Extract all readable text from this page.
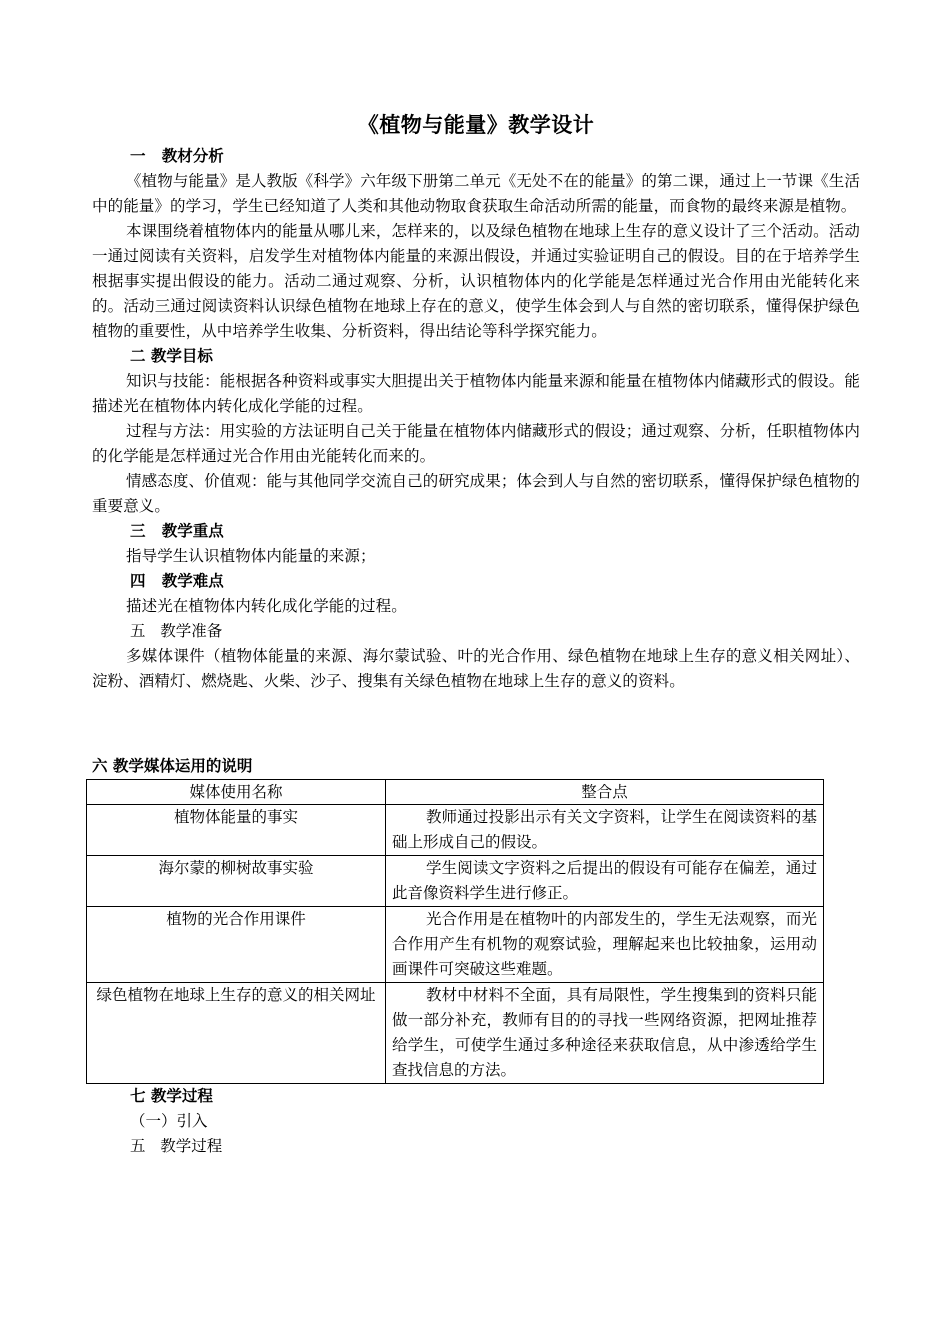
《植物与能量》教学设计
一   教材分析

《植物与能量》是人教版《科学》六年级下册第二单元《无处不在的能量》的第二课，通过上一节课《生活中的能量》的学习，学生已经知道了人类和其他动物取食获取生命活动所需的能量，而食物的最终来源是植物。

本课围绕着植物体内的能量从哪儿来，怎样来的，以及绿色植物在地球上生存的意义设计了三个活动。活动一通过阅读有关资料，启发学生对植物体内能量的来源出假设，并通过实验证明自己的假设。目的在于培养学生根据事实提出假设的能力。活动二通过观察、分析，认识植物体内的化学能是怎样通过光合作用由光能转化来的。活动三通过阅读资料认识绿色植物在地球上存在的意义，使学生体会到人与自然的密切联系，懂得保护绿色植物的重要性，从中培养学生收集、分析资料，得出结论等科学探究能力。

二 教学目标

知识与技能：能根据各种资料或事实大胆提出关于植物体内能量来源和能量在植物体内储藏形式的假设。能描述光在植物体内转化成化学能的过程。

过程与方法：用实验的方法证明自己关于能量在植物体内储藏形式的假设；通过观察、分析，任职植物体内的化学能是怎样通过光合作用由光能转化而来的。

情感态度、价值观：能与其他同学交流自己的研究成果；体会到人与自然的密切联系，懂得保护绿色植物的重要意义。

三   教学重点

指导学生认识植物体内能量的来源；

四   教学难点

描述光在植物体内转化成化学能的过程。

五   教学准备

多媒体课件（植物体能量的来源、海尔蒙试验、叶的光合作用、绿色植物在地球上生存的意义相关网址）、淀粉、酒精灯、燃烧匙、火柴、沙子、搜集有关绿色植物在地球上生存的意义的资料。

六 教学媒体运用的说明
媒体使用名称	整合点
植物体能量的事实	教师通过投影出示有关文字资料，让学生在阅读资料的基础上形成自己的假设。
海尔蒙的柳树故事实验	学生阅读文字资料之后提出的假设有可能存在偏差，通过此音像资料学生进行修正。
植物的光合作用课件	光合作用是在植物叶的内部发生的，学生无法观察，而光合作用产生有机物的观察试验，理解起来也比较抽象，运用动画课件可突破这些难题。
绿色植物在地球上生存的意义的相关网址	教材中材料不全面，具有局限性，学生搜集到的资料只能做一部分补充，教师有目的的寻找一些网络资源，把网址推荐给学生，可使学生通过多种途径来获取信息，从中渗透给学生查找信息的方法。
七 教学过程
（一）引入
五   教学过程
